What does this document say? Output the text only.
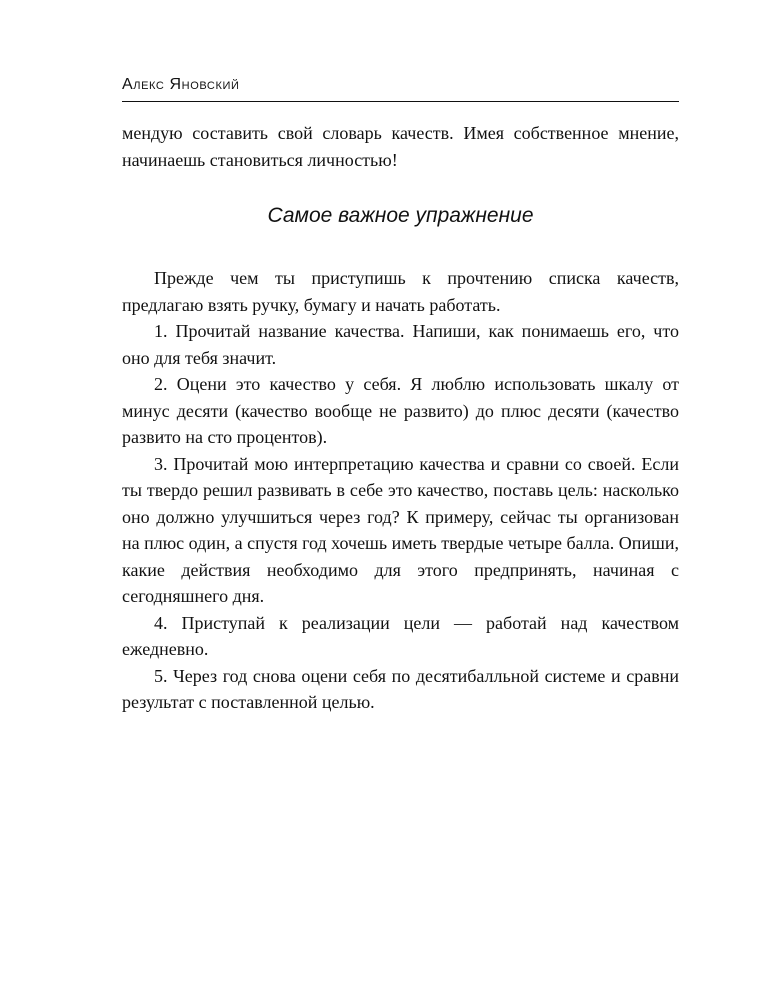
Алекс Яновский

мендую составить свой словарь качеств. Имея собственное мнение, начинаешь становиться личностью!

Самое важное упражнение

Прежде чем ты приступишь к прочтению списка качеств, предлагаю взять ручку, бумагу и начать работать.

1. Прочитай название качества. Напиши, как понимаешь его, что оно для тебя значит.

2. Оцени это качество у себя. Я люблю использовать шкалу от минус десяти (качество вообще не развито) до плюс десяти (качество развито на сто процентов).

3. Прочитай мою интерпретацию качества и сравни со своей. Если ты твердо решил развивать в себе это качество, поставь цель: насколько оно должно улучшиться через год? К примеру, сейчас ты организован на плюс один, а спустя год хочешь иметь твердые четыре балла. Опиши, какие действия необходимо для этого предпринять, начиная с сегодняшнего дня.

4. Приступай к реализации цели — работай над качеством ежедневно.

5. Через год снова оцени себя по десятибалльной системе и сравни результат с поставленной целью.
